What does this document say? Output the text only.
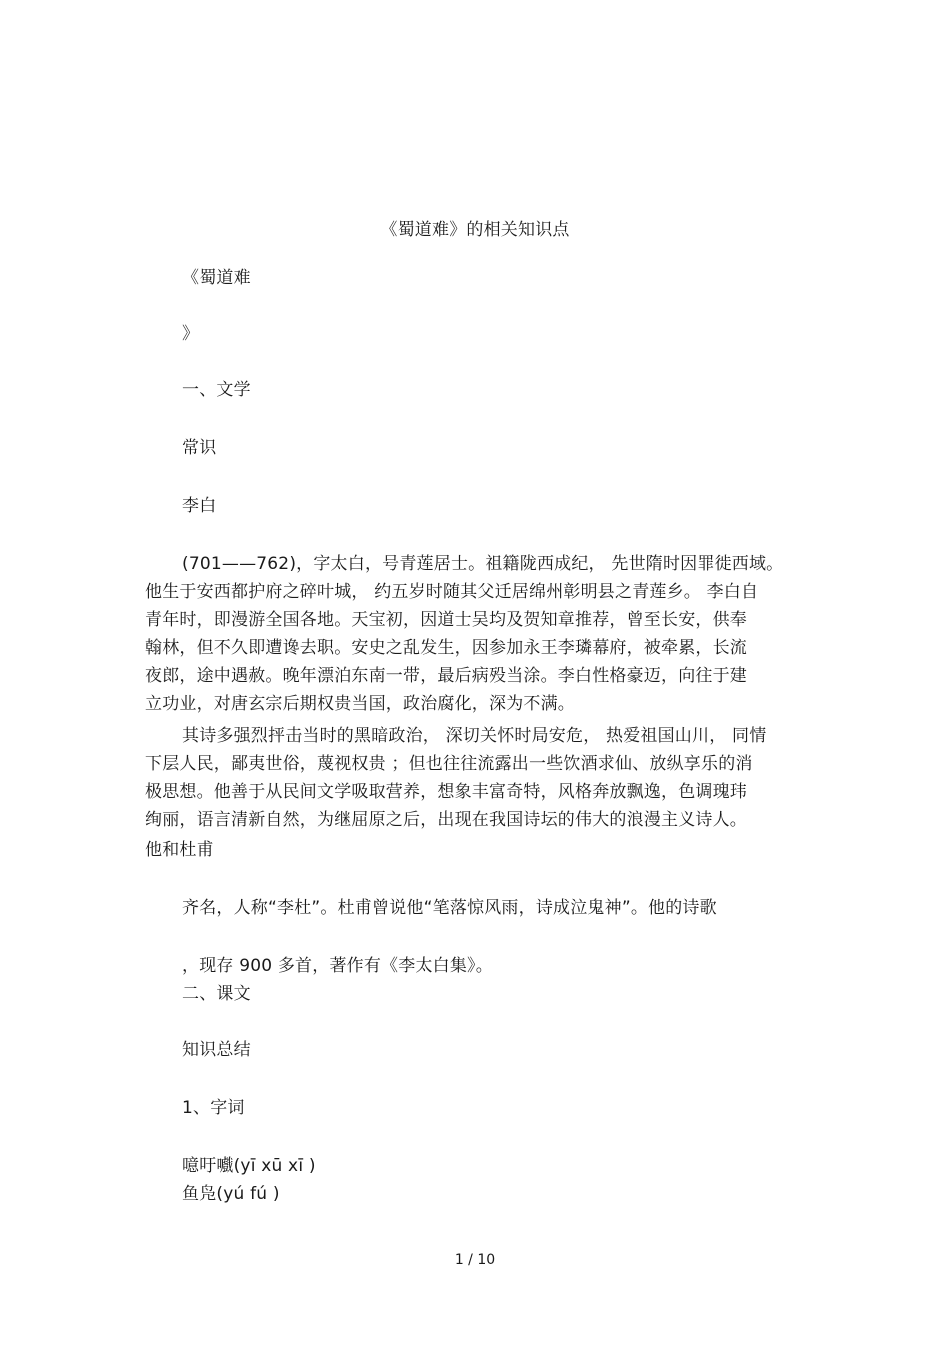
《蜀道难》的相关知识点
《蜀道难
》
一、文学
常识
李白
(701——762)，字太白，号青莲居士。祖籍陇西成纪， 先世隋时因罪徙西域。
他生于安西都护府之碎叶城， 约五岁时随其父迁居绵州彰明县之青莲乡。 李白自
青年时，即漫游全国各地。天宝初，因道士吴均及贺知章推荐，曾至长安，供奉
翰林，但不久即遭谗去职。安史之乱发生，因参加永王李璘幕府，被牵累，长流
夜郎，途中遇赦。晚年漂泊东南一带，最后病殁当涂。李白性格豪迈，向往于建
立功业，对唐玄宗后期权贵当国，政治腐化，深为不满。
其诗多强烈抨击当时的黑暗政治， 深切关怀时局安危， 热爱祖国山川， 同情
下层人民，鄙夷世俗，蔑视权贵 ；但也往往流露出一些饮酒求仙、放纵享乐的消
极思想。他善于从民间文学吸取营养，想象丰富奇特，风格奔放飘逸，色调瑰玮
绚丽，语言清新自然，为继屈原之后，出现在我国诗坛的伟大的浪漫主义诗人。
他和杜甫
齐名，人称“李杜”。杜甫曾说他“笔落惊风雨，诗成泣鬼神”。他的诗歌
，现存 900 多首，著作有《李太白集》。
二、课文
知识总结
1、字词
噫吁嚱(yī xū xī )
鱼凫(yú fú )
1 / 10
